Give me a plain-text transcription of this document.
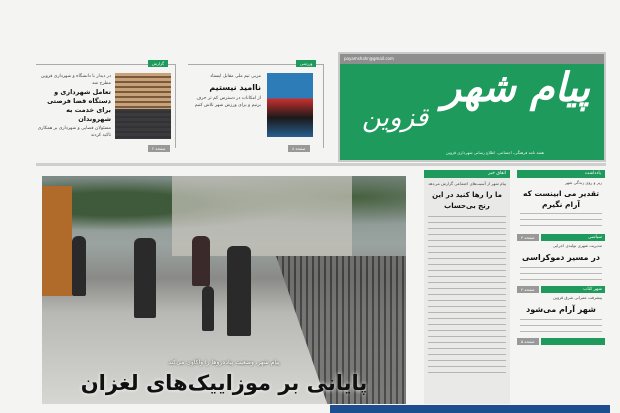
payamshahr@gmail.com
پیام شهر
قزوین
هفته نامه فرهنگی، اجتماعی، اطلاع رسانی شهرداری قزوین
ورزشی
مربی تیم ملی مقابل ایستاد
ناامید نیستیم
از امکانات در دسترس کم تر حرف بزنیم و برای ورزش شهر تلاش کنیم
صفحه ۸
گزارش
در دیدار با دانشگاه و شهرداری قزوین مطرح شد
تعامل شهرداری و دستگاه قضا فرصتی برای خدمت به شهروندان
مسئولان قضایی و شهرداری بر همکاری تاکید کردند
صفحه ۲
پیام شهر، وضعیت پیاده‌روها را واکاوی می‌کند
پایانی بر موزاییک‌های لغزان
اتفاق خبر
پیام شهر از آسیب‌های اجتماعی گزارش می‌دهد
ما را رها کنید در این رنج بی‌حساب
یادداشت
زیر و روی زندگی شهر
تقدیر می ابینست که آرام نگیرم
سیاسی
صفحه ۳
مدیریت شهری تولیدی اجرایی
در مسیر دموکراسی
شهر کتاب
صفحه ۴
پیشرفت عمرانی شرق قزوین
شهر آرام می‌شود
صفحه ۵
